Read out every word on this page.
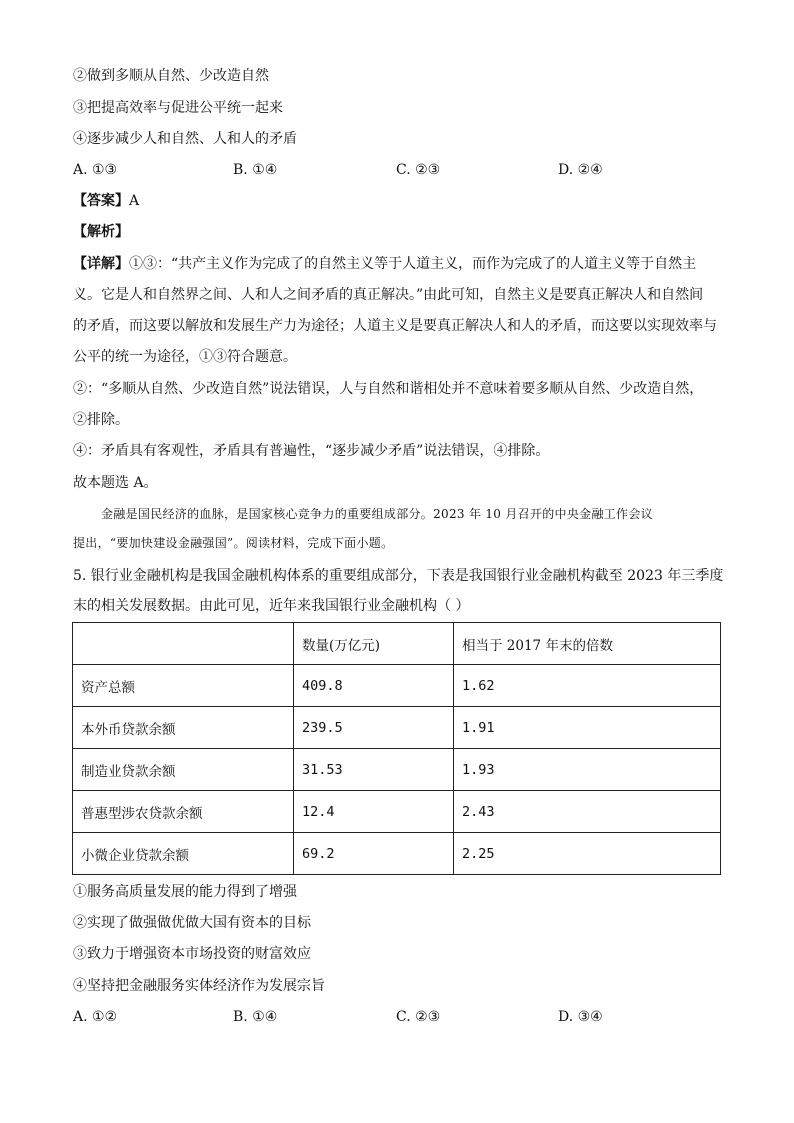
②做到多顺从自然、少改造自然
③把提高效率与促进公平统一起来
④逐步减少人和自然、人和人的矛盾
A. ①③	B. ①④	C. ②③	D. ②④
【答案】A
【解析】
【详解】①③：“共产主义作为完成了的自然主义等于人道主义，而作为完成了的人道主义等于自然主
义。它是人和自然界之间、人和人之间矛盾的真正解决。”由此可知，自然主义是要真正解决人和自然间
的矛盾，而这要以解放和发展生产力为途径；人道主义是要真正解决人和人的矛盾，而这要以实现效率与
公平的统一为途径，①③符合题意。
②：“多顺从自然、少改造自然”说法错误，人与自然和谐相处并不意味着要多顺从自然、少改造自然，
②排除。
④：矛盾具有客观性，矛盾具有普遍性，“逐步减少矛盾”说法错误，④排除。
故本题选 A。
金融是国民经济的血脉，是国家核心竞争力的重要组成部分。2023 年 10 月召开的中央金融工作会议
提出，“要加快建设金融强国”。阅读材料，完成下面小题。
5. 银行业金融机构是我国金融机构体系的重要组成部分，下表是我国银行业金融机构截至 2023 年三季度
末的相关发展数据。由此可见，近年来我国银行业金融机构（ ）
	数量(万亿元)	相当于 2017 年末的倍数
资产总额	409.8	1.62
本外币贷款余额	239.5	1.91
制造业贷款余额	31.53	1.93
普惠型涉农贷款余额	12.4	2.43
小微企业贷款余额	69.2	2.25
①服务高质量发展的能力得到了增强
②实现了做强做优做大国有资本的目标
③致力于增强资本市场投资的财富效应
④坚持把金融服务实体经济作为发展宗旨
A. ①②	B. ①④	C. ②③	D. ③④
